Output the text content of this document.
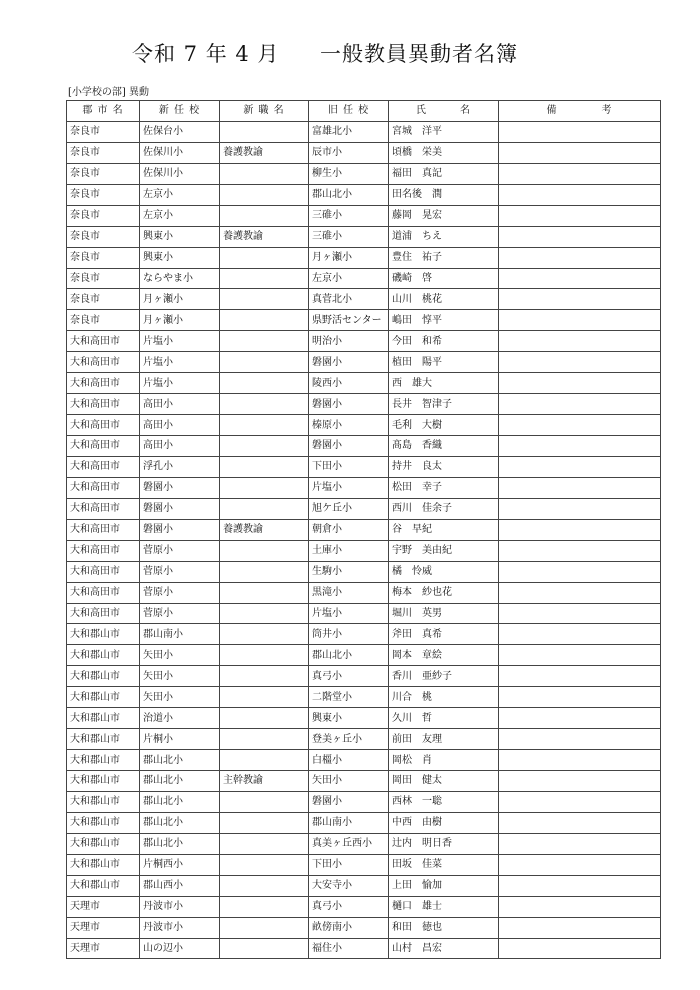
令和 7 年 4 月 一般教員異動者名簿
[小学校の部] 異動
郡 市 名	新 任 校	新 職 名	旧 任 校	氏　　　名	備　　　　考
奈良市	佐保台小		富雄北小	宮城　洋平	
奈良市	佐保川小	養護教諭	辰市小	頃橋　栄美	
奈良市	佐保川小		柳生小	福田　真記	
奈良市	左京小		郡山北小	田名後　潤	
奈良市	左京小		三碓小	藤岡　晃宏	
奈良市	興東小	養護教諭	三碓小	道浦　ちえ	
奈良市	興東小		月ヶ瀬小	豊住　祐子	
奈良市	ならやま小		左京小	磯崎　啓	
奈良市	月ヶ瀬小		真菅北小	山川　桃花	
奈良市	月ヶ瀬小		県野活センター	嶋田　惇平	
大和高田市	片塩小		明治小	今田　和希	
大和高田市	片塩小		磐園小	植田　陽平	
大和高田市	片塩小		陵西小	西　雄大	
大和高田市	高田小		磐園小	長井　智津子	
大和高田市	高田小		榛原小	毛利　大樹	
大和高田市	高田小		磐園小	髙島　香織	
大和高田市	浮孔小		下田小	持井　良太	
大和高田市	磐園小		片塩小	松田　幸子	
大和高田市	磐園小		旭ケ丘小	西川　佳余子	
大和高田市	磐園小	養護教諭	朝倉小	谷　早紀	
大和高田市	菅原小		土庫小	宇野　美由紀	
大和高田市	菅原小		生駒小	橘　怜威	
大和高田市	菅原小		黒滝小	梅本　紗也花	
大和高田市	菅原小		片塩小	堀川　英男	
大和郡山市	郡山南小		筒井小	斧田　真希	
大和郡山市	矢田小		郡山北小	岡本　章絵	
大和郡山市	矢田小		真弓小	香川　亜紗子	
大和郡山市	矢田小		二階堂小	川合　桃	
大和郡山市	治道小		興東小	久川　哲	
大和郡山市	片桐小		登美ヶ丘小	前田　友理	
大和郡山市	郡山北小		白橿小	岡松　肖	
大和郡山市	郡山北小	主幹教諭	矢田小	岡田　健太	
大和郡山市	郡山北小		磐園小	西林　一聡	
大和郡山市	郡山北小		郡山南小	中西　由樹	
大和郡山市	郡山北小		真美ヶ丘西小	辻内　明日香	
大和郡山市	片桐西小		下田小	田坂　佳菜	
大和郡山市	郡山西小		大安寺小	上田　愉加	
天理市	丹波市小		真弓小	樋口　雄士	
天理市	丹波市小		畝傍南小	和田　徳也	
天理市	山の辺小		福住小	山村　昌宏	
